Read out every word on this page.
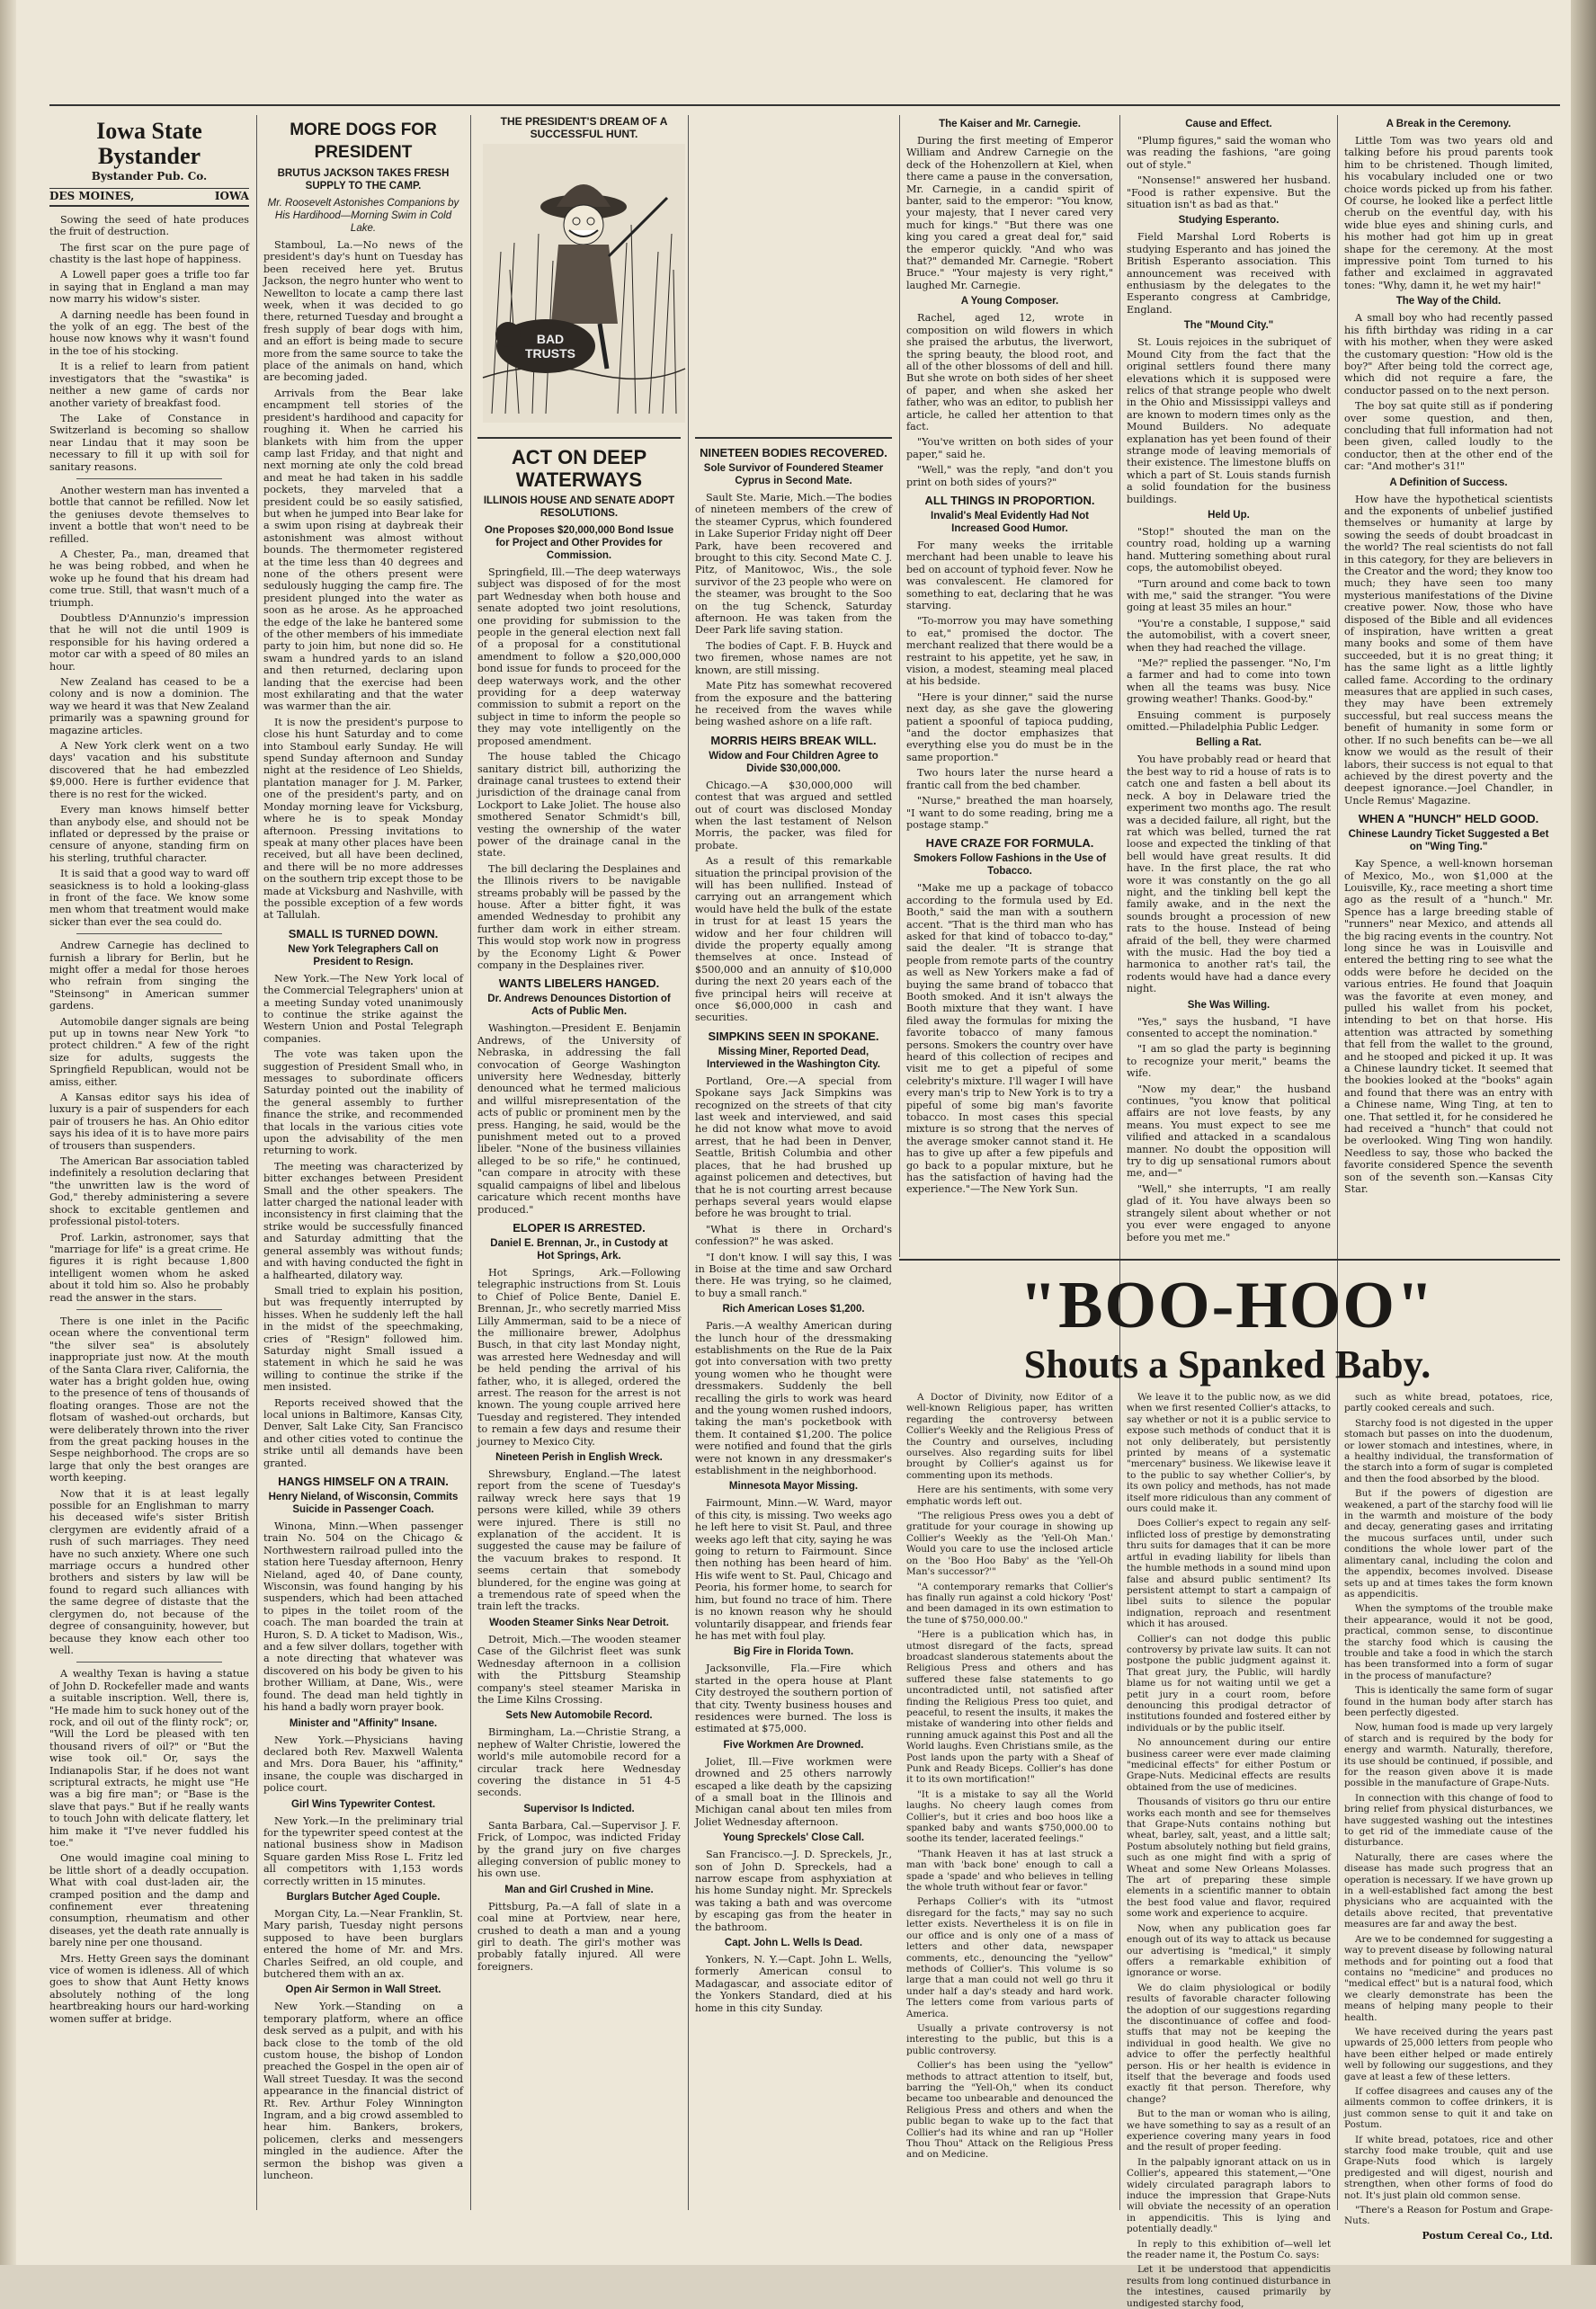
Iowa State Bystander
Bystander Pub. Co.
DES MOINES,	IOWA

Sowing the seed of hate produces the fruit of destruction.

The first scar on the pure page of chastity is the last hope of happiness.

A Lowell paper goes a trifle too far in saying that in England a man may now marry his widow's sister.

A darning needle has been found in the yolk of an egg. The best of the house now knows why it wasn't found in the toe of his stocking.

It is a relief to learn from patient investigators that the "swastika" is neither a new game of cards nor another variety of breakfast food.

The Lake of Constance in Switzerland is becoming so shallow near Lindau that it may soon be necessary to fill it up with soil for sanitary reasons.

Another western man has invented a bottle that cannot be refilled. Now let the geniuses devote themselves to invent a bottle that won't need to be refilled.

A Chester, Pa., man, dreamed that he was being robbed, and when he woke up he found that his dream had come true. Still, that wasn't much of a triumph.

Doubtless D'Annunzio's impression that he will not die until 1909 is responsible for his having ordered a motor car with a speed of 80 miles an hour.

New Zealand has ceased to be a colony and is now a dominion. The way we heard it was that New Zealand primarily was a spawning ground for magazine articles.

A New York clerk went on a two days' vacation and his substitute discovered that he had embezzled $9,000. Here is further evidence that there is no rest for the wicked.

Every man knows himself better than anybody else, and should not be inflated or depressed by the praise or censure of anyone, standing firm on his sterling, truthful character.

It is said that a good way to ward off seasickness is to hold a looking-glass in front of the face. We know some men whom that treatment would make sicker than ever the sea could do.

Andrew Carnegie has declined to furnish a library for Berlin, but he might offer a medal for those heroes who refrain from singing the "Steinsong" in American summer gardens.

Automobile danger signals are being put up in towns near New York "to protect children." A few of the right size for adults, suggests the Springfield Republican, would not be amiss, either.

A Kansas editor says his idea of luxury is a pair of suspenders for each pair of trousers he has. An Ohio editor says his idea of it is to have more pairs of trousers than suspenders.

The American Bar association tabled indefinitely a resolution declaring that "the unwritten law is the word of God," thereby administering a severe shock to excitable gentlemen and professional pistol-toters.

Prof. Larkin, astronomer, says that "marriage for life" is a great crime. He figures it is right because 1,800 intelligent women whom he asked about it told him so. Also he probably read the answer in the stars.

There is one inlet in the Pacific ocean where the conventional term "the silver sea" is absolutely inappropriate just now. At the mouth of the Santa Clara river, California, the water has a bright golden hue, owing to the presence of tens of thousands of floating oranges. Those are not the flotsam of washed-out orchards, but were deliberately thrown into the river from the great packing houses in the Sespe neighborhood. The crops are so large that only the best oranges are worth keeping.

Now that it is at least legally possible for an Englishman to marry his deceased wife's sister British clergymen are evidently afraid of a rush of such marriages. They need have no such anxiety. Where one such marriage occurs a hundred other brothers and sisters by law will be found to regard such alliances with the same degree of distaste that the clergymen do, not because of the degree of consanguinity, however, but because they know each other too well.

A wealthy Texan is having a statue of John D. Rockefeller made and wants a suitable inscription. Well, there is, "He made him to suck honey out of the rock, and oil out of the flinty rock"; or, "Will the Lord be pleased with ten thousand rivers of oil?" or "But the wise took oil." Or, says the Indianapolis Star, if he does not want scriptural extracts, he might use "He was a big fire man"; or "Base is the slave that pays." But if he really wants to touch John with delicate flattery, let him make it "I've never fuddled his toe."

One would imagine coal mining to be little short of a deadly occupation. What with coal dust-laden air, the cramped position and the damp and confinement ever threatening consumption, rheumatism and other diseases, yet the death rate annually is barely nine per one thousand.

Mrs. Hetty Green says the dominant vice of women is idleness. All of which goes to show that Aunt Hetty knows absolutely nothing of the long heartbreaking hours our hard-working women suffer at bridge.

MORE DOGS FOR PRESIDENT
BRUTUS JACKSON TAKES FRESH SUPPLY TO THE CAMP.
Mr. Roosevelt Astonishes Companions by His Hardihood—Morning Swim in Cold Lake.

Stamboul, La.—No news of the president's day's hunt on Tuesday has been received here yet. Brutus Jackson, the negro hunter who went to Newellton to locate a camp there last week, when it was decided to go there, returned Tuesday and brought a fresh supply of bear dogs with him, and an effort is being made to secure more from the same source to take the place of the animals on hand, which are becoming jaded.

Arrivals from the Bear lake encampment tell stories of the president's hardihood and capacity for roughing it. When he carried his blankets with him from the upper camp last Friday, and that night and next morning ate only the cold bread and meat he had taken in his saddle pockets, they marveled that a president could be so easily satisfied, but when he jumped into Bear lake for a swim upon rising at daybreak their astonishment was almost without bounds. The thermometer registered at the time less than 40 degrees and none of the others present were sedulously hugging the camp fire. The president plunged into the water as soon as he arose. As he approached the edge of the lake he bantered some of the other members of his immediate party to join him, but none did so. He swam a hundred yards to an island and then returned, declaring upon landing that the exercise had been most exhilarating and that the water was warmer than the air.

It is now the president's purpose to close his hunt Saturday and to come into Stamboul early Sunday. He will spend Sunday afternoon and Sunday night at the residence of Leo Shields, plantation manager for J. M. Parker, one of the president's party, and on Monday morning leave for Vicksburg, where he is to speak Monday afternoon. Pressing invitations to speak at many other places have been received, but all have been declined, and there will be no more addresses on the southern trip except those to be made at Vicksburg and Nashville, with the possible exception of a few words at Tallulah.

SMALL IS TURNED DOWN.
New York Telegraphers Call on President to Resign.

New York.—The New York local of the Commercial Telegraphers' union at a meeting Sunday voted unanimously to continue the strike against the Western Union and Postal Telegraph companies.

The vote was taken upon the suggestion of President Small who, in messages to subordinate officers Saturday pointed out the inability of the general assembly to further finance the strike, and recommended that locals in the various cities vote upon the advisability of the men returning to work.

The meeting was characterized by bitter exchanges between President Small and the other speakers. The latter charged the national leader with inconsistency in first claiming that the strike would be successfully financed and Saturday admitting that the general assembly was without funds; and with having conducted the fight in a halfhearted, dilatory way.

Small tried to explain his position, but was frequently interrupted by hisses. When he suddenly left the hall in the midst of the speechmaking, cries of "Resign" followed him. Saturday night Small issued a statement in which he said he was willing to continue the strike if the men insisted.

Reports received showed that the local unions in Baltimore, Kansas City, Denver, Salt Lake City, San Francisco and other cities voted to continue the strike until all demands have been granted.

HANGS HIMSELF ON A TRAIN.
Henry Nieland, of Wisconsin, Commits Suicide in Passenger Coach.

Winona, Minn.—When passenger train No. 504 on the Chicago & Northwestern railroad pulled into the station here Tuesday afternoon, Henry Nieland, aged 40, of Dane county, Wisconsin, was found hanging by his suspenders, which had been attached to pipes in the toilet room of the coach. The man boarded the train at Huron, S. D. A ticket to Madison, Wis., and a few silver dollars, together with a note directing that whatever was discovered on his body be given to his brother William, at Dane, Wis., were found. The dead man held tightly in his hand a badly worn prayer book.

Minister and "Affinity" Insane.

New York.—Physicians having declared both Rev. Maxwell Walenta and Mrs. Dora Bauer, his "affinity," insane, the couple was discharged in police court.

Girl Wins Typewriter Contest.

New York.—In the preliminary trial for the typewriter speed contest at the national business show in Madison Square garden Miss Rose L. Fritz led all competitors with 1,153 words correctly written in 15 minutes.

Burglars Butcher Aged Couple.

Morgan City, La.—Near Franklin, St. Mary parish, Tuesday night persons supposed to have been burglars entered the home of Mr. and Mrs. Charles Seifred, an old couple, and butchered them with an ax.

Open Air Sermon in Wall Street.

New York.—Standing on a temporary platform, where an office desk served as a pulpit, and with his back close to the tomb of the old custom house, the bishop of London preached the Gospel in the open air of Wall street Tuesday. It was the second appearance in the financial district of Rt. Rev. Arthur Foley Winnington Ingram, and a big crowd assembled to hear him. Bankers, brokers, policemen, clerks and messengers mingled in the audience. After the sermon the bishop was given a luncheon.

THE PRESIDENT'S DREAM OF A SUCCESSFUL HUNT.
BAD
TRUSTS
ACT ON DEEP WATERWAYS
ILLINOIS HOUSE AND SENATE ADOPT RESOLUTIONS.
One Proposes $20,000,000 Bond Issue for Project and Other Provides for Commission.

Springfield, Ill.—The deep waterways subject was disposed of for the most part Wednesday when both house and senate adopted two joint resolutions, one providing for submission to the people in the general election next fall of a proposal for a constitutional amendment to follow a $20,000,000 bond issue for funds to proceed for the deep waterways work, and the other providing for a deep waterway commission to submit a report on the subject in time to inform the people so they may vote intelligently on the proposed amendment.

The house tabled the Chicago sanitary district bill, authorizing the drainage canal trustees to extend their jurisdiction of the drainage canal from Lockport to Lake Joliet. The house also smothered Senator Schmidt's bill, vesting the ownership of the water power of the drainage canal in the state.

The bill declaring the Desplaines and the Illinois rivers to be navigable streams probably will be passed by the house. After a bitter fight, it was amended Wednesday to prohibit any further dam work in either stream. This would stop work now in progress by the Economy Light & Power company in the Desplaines river.

WANTS LIBELERS HANGED.
Dr. Andrews Denounces Distortion of Acts of Public Men.

Washington.—President E. Benjamin Andrews, of the University of Nebraska, in addressing the fall convocation of George Washington university here Wednesday, bitterly denounced what he termed malicious and willful misrepresentation of the acts of public or prominent men by the press. Hanging, he said, would be the punishment meted out to a proved libeler. "None of the business villainies alleged to be so rife," he continued, "can compare in atrocity with these squalid campaigns of libel and libelous caricature which recent months have produced."

ELOPER IS ARRESTED.
Daniel E. Brennan, Jr., in Custody at Hot Springs, Ark.

Hot Springs, Ark.—Following telegraphic instructions from St. Louis to Chief of Police Bente, Daniel E. Brennan, Jr., who secretly married Miss Lilly Ammerman, said to be a niece of the millionaire brewer, Adolphus Busch, in that city last Monday night, was arrested here Wednesday and will be held pending the arrival of his father, who, it is alleged, ordered the arrest. The reason for the arrest is not known. The young couple arrived here Tuesday and registered. They intended to remain a few days and resume their journey to Mexico City.

Nineteen Perish in English Wreck.

Shrewsbury, England.—The latest report from the scene of Tuesday's railway wreck here says that 19 persons were killed, while 39 others were injured. There is still no explanation of the accident. It is suggested the cause may be failure of the vacuum brakes to respond. It seems certain that somebody blundered, for the engine was going at a tremendous rate of speed when the train left the tracks.

Wooden Steamer Sinks Near Detroit.

Detroit, Mich.—The wooden steamer Case of the Gilchrist fleet was sunk Wednesday afternoon in a collision with the Pittsburg Steamship company's steel steamer Mariska in the Lime Kilns Crossing.

Sets New Automobile Record.

Birmingham, La.—Christie Strang, a nephew of Walter Christie, lowered the world's mile automobile record for a circular track here Wednesday covering the distance in 51 4-5 seconds.

Supervisor Is Indicted.

Santa Barbara, Cal.—Supervisor J. F. Frick, of Lompoc, was indicted Friday by the grand jury on five charges alleging conversion of public money to his own use.

Man and Girl Crushed in Mine.

Pittsburg, Pa.—A fall of slate in a coal mine at Portview, near here, crushed to death a man and a young girl to death. The girl's mother was probably fatally injured. All were foreigners.

NINETEEN BODIES RECOVERED.
Sole Survivor of Foundered Steamer Cyprus in Second Mate.

Sault Ste. Marie, Mich.—The bodies of nineteen members of the crew of the steamer Cyprus, which foundered in Lake Superior Friday night off Deer Park, have been recovered and brought to this city. Second Mate C. J. Pitz, of Manitowoc, Wis., the sole survivor of the 23 people who were on the steamer, was brought to the Soo on the tug Schenck, Saturday afternoon. He was taken from the Deer Park life saving station.

The bodies of Capt. F. B. Huyck and two firemen, whose names are not known, are still missing.

Mate Pitz has somewhat recovered from the exposure and the battering he received from the waves while being washed ashore on a life raft.

MORRIS HEIRS BREAK WILL.
Widow and Four Children Agree to Divide $30,000,000.

Chicago.—A $30,000,000 will contest that was argued and settled out of court was disclosed Monday when the last testament of Nelson Morris, the packer, was filed for probate.

As a result of this remarkable situation the principal provision of the will has been nullified. Instead of carrying out an arrangement which would have held the bulk of the estate in trust for at least 15 years the widow and her four children will divide the property equally among themselves at once. Instead of $500,000 and an annuity of $10,000 during the next 20 years each of the five principal heirs will receive at once $6,000,000 in cash and securities.

SIMPKINS SEEN IN SPOKANE.
Missing Miner, Reported Dead, Interviewed in the Washington City.

Portland, Ore.—A special from Spokane says Jack Simpkins was recognized on the streets of that city last week and interviewed, and said he did not know what move to avoid arrest, that he had been in Denver, Seattle, British Columbia and other places, that he had brushed up against policemen and detectives, but that he is not courting arrest because perhaps several years would elapse before he was brought to trial.

"What is there in Orchard's confession?" he was asked.

"I don't know. I will say this, I was in Boise at the time and saw Orchard there. He was trying, so he claimed, to buy a small ranch."

Rich American Loses $1,200.

Paris.—A wealthy American during the lunch hour of the dressmaking establishments on the Rue de la Paix got into conversation with two pretty young women who he thought were dressmakers. Suddenly the bell recalling the girls to work was heard and the young women rushed indoors, taking the man's pocketbook with them. It contained $1,200. The police were notified and found that the girls were not known in any dressmaker's establishment in the neighborhood.

Minnesota Mayor Missing.

Fairmount, Minn.—W. Ward, mayor of this city, is missing. Two weeks ago he left here to visit St. Paul, and three weeks ago left that city, saying he was going to return to Fairmount. Since then nothing has been heard of him. His wife went to St. Paul, Chicago and Peoria, his former home, to search for him, but found no trace of him. There is no known reason why he should voluntarily disappear, and friends fear he has met with foul play.

Big Fire in Florida Town.

Jacksonville, Fla.—Fire which started in the opera house at Plant City destroyed the southern portion of that city. Twenty business houses and residences were burned. The loss is estimated at $75,000.

Five Workmen Are Drowned.

Joliet, Ill.—Five workmen were drowned and 25 others narrowly escaped a like death by the capsizing of a small boat in the Illinois and Michigan canal about ten miles from Joliet Wednesday afternoon.

Young Spreckels' Close Call.

San Francisco.—J. D. Spreckels, Jr., son of John D. Spreckels, had a narrow escape from asphyxiation at his home Sunday night. Mr. Spreckels was taking a bath and was overcome by escaping gas from the heater in the bathroom.

Capt. John L. Wells Is Dead.

Yonkers, N. Y.—Capt. John L. Wells, formerly American consul to Madagascar, and associate editor of the Yonkers Standard, died at his home in this city Sunday.

The Kaiser and Mr. Carnegie.

During the first meeting of Emperor William and Andrew Carnegie on the deck of the Hohenzollern at Kiel, when there came a pause in the conversation, Mr. Carnegie, in a candid spirit of banter, said to the emperor: "You know, your majesty, that I never cared very much for kings." "But there was one king you cared a great deal for," said the emperor quickly. "And who was that?" demanded Mr. Carnegie. "Robert Bruce." "Your majesty is very right," laughed Mr. Carnegie.

A Young Composer.

Rachel, aged 12, wrote in composition on wild flowers in which she praised the arbutus, the liverwort, the spring beauty, the blood root, and all of the other blossoms of dell and hill. But she wrote on both sides of her sheet of paper, and when she asked her father, who was an editor, to publish her article, he called her attention to that fact.

"You've written on both sides of your paper," said he.

"Well," was the reply, "and don't you print on both sides of yours?"

ALL THINGS IN PROPORTION.
Invalid's Meal Evidently Had Not Increased Good Humor.

For many weeks the irritable merchant had been unable to leave his bed on account of typhoid fever. Now he was convalescent. He clamored for something to eat, declaring that he was starving.

"To-morrow you may have something to eat," promised the doctor. The merchant realized that there would be a restraint to his appetite, yet he saw, in vision, a modest, steaming meal placed at his bedside.

"Here is your dinner," said the nurse next day, as she gave the glowering patient a spoonful of tapioca pudding, "and the doctor emphasizes that everything else you do must be in the same proportion."

Two hours later the nurse heard a frantic call from the bed chamber.

"Nurse," breathed the man hoarsely, "I want to do some reading, bring me a postage stamp."

HAVE CRAZE FOR FORMULA.
Smokers Follow Fashions in the Use of Tobacco.

"Make me up a package of tobacco according to the formula used by Ed. Booth," said the man with a southern accent. "That is the third man who has asked for that kind of tobacco to-day," said the dealer. "It is strange that people from remote parts of the country as well as New Yorkers make a fad of buying the same brand of tobacco that Booth smoked. And it isn't always the Booth mixture that they want. I have filed away the formulas for mixing the favorite tobacco of many famous persons. Smokers the country over have heard of this collection of recipes and visit me to get a pipeful of some celebrity's mixture. I'll wager I will have every man's trip to New York is to try a pipeful of some big man's favorite tobacco. In most cases this special mixture is so strong that the nerves of the average smoker cannot stand it. He has to give up after a few pipefuls and go back to a popular mixture, but he has the satisfaction of having had the experience."—The New York Sun.

Cause and Effect.

"Plump figures," said the woman who was reading the fashions, "are going out of style."

"Nonsense!" answered her husband. "Food is rather expensive. But the situation isn't as bad as that."

Studying Esperanto.

Field Marshal Lord Roberts is studying Esperanto and has joined the British Esperanto association. This announcement was received with enthusiasm by the delegates to the Esperanto congress at Cambridge, England.

The "Mound City."

St. Louis rejoices in the subriquet of Mound City from the fact that the original settlers found there many elevations which it is supposed were relics of that strange people who dwelt in the Ohio and Mississippi valleys and are known to modern times only as the Mound Builders. No adequate explanation has yet been found of their strange mode of leaving memorials of their existence. The limestone bluffs on which a part of St. Louis stands furnish a solid foundation for the business buildings.

Held Up.

"Stop!" shouted the man on the country road, holding up a warning hand. Muttering something about rural cops, the automobilist obeyed.

"Turn around and come back to town with me," said the stranger. "You were going at least 35 miles an hour."

"You're a constable, I suppose," said the automobilist, with a covert sneer, when they had reached the village.

"Me?" replied the passenger. "No, I'm a farmer and had to come into town when all the teams was busy. Nice growing weather! Thanks. Good-by."

Ensuing comment is purposely omitted.—Philadelphia Public Ledger.

Belling a Rat.

You have probably read or heard that the best way to rid a house of rats is to catch one and fasten a bell about its neck. A boy in Delaware tried the experiment two months ago. The result was a decided failure, all right, but the rat which was belled, turned the rat loose and expected the tinkling of that bell would have great results. It did have. In the first place, the rat who wore it was constantly on the go all night, and the tinkling bell kept the family awake, and in the next the sounds brought a procession of new rats to the house. Instead of being afraid of the bell, they were charmed with the music. Had the boy tied a harmonica to another rat's tail, the rodents would have had a dance every night.

She Was Willing.

"Yes," says the husband, "I have consented to accept the nomination."

"I am so glad the party is beginning to recognize your merit," beams the wife.

"Now my dear," the husband continues, "you know that political affairs are not love feasts, by any means. You must expect to see me vilified and attacked in a scandalous manner. No doubt the opposition will try to dig up sensational rumors about me, and—"

"Well," she interrupts, "I am really glad of it. You have always been so strangely silent about whether or not you ever were engaged to anyone before you met me."

A Break in the Ceremony.

Little Tom was two years old and talking before his proud parents took him to be christened. Though limited, his vocabulary included one or two choice words picked up from his father. Of course, he looked like a perfect little cherub on the eventful day, with his wide blue eyes and shining curls, and his mother had got him up in great shape for the ceremony. At the most impressive point Tom turned to his father and exclaimed in aggravated tones: "Why, damn it, he wet my hair!"

The Way of the Child.

A small boy who had recently passed his fifth birthday was riding in a car with his mother, when they were asked the customary question: "How old is the boy?" After being told the correct age, which did not require a fare, the conductor passed on to the next person.

The boy sat quite still as if pondering over some question, and then, concluding that full information had not been given, called loudly to the conductor, then at the other end of the car: "And mother's 31!"

A Definition of Success.

How have the hypothetical scientists and the exponents of unbelief justified themselves or humanity at large by sowing the seeds of doubt broadcast in the world? The real scientists do not fall in this category, for they are believers in the Creator and the word; they know too much; they have seen too many mysterious manifestations of the Divine creative power. Now, those who have disposed of the Bible and all evidences of inspiration, have written a great many books and some of them have succeeded, but it is no great thing; it has the same light as a little lightly called fame. According to the ordinary measures that are applied in such cases, they may have been extremely successful, but real success means the benefit of humanity in some form or other. If no such benefits can be—we all know we would as the result of their labors, their success is not equal to that achieved by the direst poverty and the deepest ignorance.—Joel Chandler, in Uncle Remus' Magazine.

WHEN A "HUNCH" HELD GOOD.
Chinese Laundry Ticket Suggested a Bet on "Wing Ting."

Kay Spence, a well-known horseman of Mexico, Mo., won $1,000 at the Louisville, Ky., race meeting a short time ago as the result of a "hunch." Mr. Spence has a large breeding stable of "runners" near Mexico, and attends all the big racing events in the country. Not long since he was in Louisville and entered the betting ring to see what the odds were before he decided on the various entries. He found that Joaquin was the favorite at even money, and pulled his wallet from his pocket, intending to bet on that horse. His attention was attracted by something that fell from the wallet to the ground, and he stooped and picked it up. It was a Chinese laundry ticket. It seemed that the bookies looked at the "books" again and found that there was an entry with a Chinese name, Wing Ting, at ten to one. That settled it, for he considered he had received a "hunch" that could not be overlooked. Wing Ting won handily. Needless to say, those who backed the favorite considered Spence the seventh son of the seventh son.—Kansas City Star.

"BOO-HOO"
Shouts a Spanked Baby.

A Doctor of Divinity, now Editor of a well-known Religious paper, has written regarding the controversy between Collier's Weekly and the Religious Press of the Country and ourselves, including ourselves. Also regarding suits for libel brought by Collier's against us for commenting upon its methods.

Here are his sentiments, with some very emphatic words left out.

"The religious Press owes you a debt of gratitude for your courage in showing up Collier's Weekly as the 'Yell-Oh Man.' Would you care to use the inclosed article on the 'Boo Hoo Baby' as the 'Yell-Oh Man's successor?'"

"A contemporary remarks that Collier's has finally run against a cold hickory 'Post' and been damaged in its own estimation to the tune of $750,000.00."

"Here is a publication which has, in utmost disregard of the facts, spread broadcast slanderous statements about the Religious Press and others and has suffered these false statements to go uncontradicted until, not satisfied after finding the Religious Press too quiet, and peaceful, to resent the insults, it makes the mistake of wandering into other fields and running amuck against this Post and all the World laughs. Even Christians smile, as the Post lands upon the party with a Sheaf of Punk and Ready Biceps. Collier's has done it to its own mortification!"

"It is a mistake to say all the World laughs. No cheery laugh comes from Collier's, but it cries and boo hoos like a spanked baby and wants $750,000.00 to soothe its tender, lacerated feelings."

"Thank Heaven it has at last struck a man with 'back bone' enough to call a spade a 'spade' and who believes in telling the whole truth without fear or favor."

Perhaps Collier's with its "utmost disregard for the facts," may say no such letter exists. Nevertheless it is on file in our office and is only one of a mass of letters and other data, newspaper comments, etc., denouncing the "yellow" methods of Collier's. This volume is so large that a man could not well go thru it under half a day's steady and hard work. The letters come from various parts of America.

Usually a private controversy is not interesting to the public, but this is a public controversy.

Collier's has been using the "yellow" methods to attract attention to itself, but, barring the "Yell-Oh," when its conduct became too unbearable and denounced the Religious Press and others and when the public began to wake up to the fact that Collier's had its whine and ran up "Holler Thou Thou" Attack on the Religious Press and on Medicine.

We leave it to the public now, as we did when we first resented Collier's attacks, to say whether or not it is a public service to expose such methods of conduct that it is not only deliberately, but persistently printed by means of a systematic "mercenary" business. We likewise leave it to the public to say whether Collier's, by its own policy and methods, has not made itself more ridiculous than any comment of ours could make it.

Does Collier's expect to regain any self-inflicted loss of prestige by demonstrating thru suits for damages that it can be more artful in evading liability for libels than the humble methods in a sound mind upon false and absurd public sentiment? Its persistent attempt to start a campaign of libel suits to silence the popular indignation, reproach and resentment which it has aroused.

Collier's can not dodge this public controversy by private law suits. It can not postpone the public judgment against it. That great jury, the Public, will hardly blame us for not waiting until we get a petit jury in a court room, before denouncing this prodigal detractor of institutions founded and fostered either by individuals or by the public itself.

No announcement during our entire business career were ever made claiming "medicinal effects" for either Postum or Grape-Nuts. Medicinal effects are results obtained from the use of medicines.

Thousands of visitors go thru our entire works each month and see for themselves that Grape-Nuts contains nothing but wheat, barley, salt, yeast, and a little salt; Postum absolutely nothing but field grains, such as one might find with a sprig of Wheat and some New Orleans Molasses. The art of preparing these simple elements in a scientific manner to obtain the best food value and flavor, required some work and experience to acquire.

Now, when any publication goes far enough out of its way to attack us because our advertising is "medical," it simply offers a remarkable exhibition of ignorance or worse.

We do claim physiological or bodily results of favorable character following the adoption of our suggestions regarding the discontinuance of coffee and food-stuffs that may not be keeping the individual in good health. We give no advice to offer the perfectly healthful person. His or her health is evidence in itself that the beverage and foods used exactly fit that person. Therefore, why change?

But to the man or woman who is ailing, we have something to say as a result of an experience covering many years in food and the result of proper feeding.

In the palpably ignorant attack on us in Collier's, appeared this statement,—"One widely circulated paragraph labors to induce the impression that Grape-Nuts will obviate the necessity of an operation in appendicitis. This is lying and potentially deadly."

In reply to this exhibition of—well let the reader name it, the Postum Co. says:

Let it be understood that appendicitis results from long continued disturbance in the intestines, caused primarily by undigested starchy food,

such as white bread, potatoes, rice, partly cooked cereals and such.

Starchy food is not digested in the upper stomach but passes on into the duodenum, or lower stomach and intestines, where, in a healthy individual, the transformation of the starch into a form of sugar is completed and then the food absorbed by the blood.

But if the powers of digestion are weakened, a part of the starchy food will lie in the warmth and moisture of the body and decay, generating gases and irritating the mucous surfaces until, under such conditions the whole lower part of the alimentary canal, including the colon and the appendix, becomes involved. Disease sets up and at times takes the form known as appendicitis.

When the symptoms of the trouble make their appearance, would it not be good, practical, common sense, to discontinue the starchy food which is causing the trouble and take a food in which the starch has been transformed into a form of sugar in the process of manufacture?

This is identically the same form of sugar found in the human body after starch has been perfectly digested.

Now, human food is made up very largely of starch and is required by the body for energy and warmth. Naturally, therefore, its use should be continued, if possible, and for the reason given above it is made possible in the manufacture of Grape-Nuts.

In connection with this change of food to bring relief from physical disturbances, we have suggested washing out the intestines to get rid of the immediate cause of the disturbance.

Naturally, there are cases where the disease has made such progress that an operation is necessary. If we have grown up in a well-established fact among the best physicians who are acquainted with the details above recited, that preventative measures are far and away the best.

Are we to be condemned for suggesting a way to prevent disease by following natural methods and for pointing out a food that contains no "medicine" and produces no "medical effect" but is a natural food, which we clearly demonstrate has been the means of helping many people to their health.

We have received during the years past upwards of 25,000 letters from people who have been either helped or made entirely well by following our suggestions, and they gave at least a few of these letters.

If coffee disagrees and causes any of the ailments common to coffee drinkers, it is just common sense to quit it and take on Postum.

If white bread, potatoes, rice and other starchy food make trouble, quit and use Grape-Nuts food which is largely predigested and will digest, nourish and strengthen, when other forms of food do not. It's just plain old common sense.

"There's a Reason for Postum and Grape-Nuts.

Postum Cereal Co., Ltd.
